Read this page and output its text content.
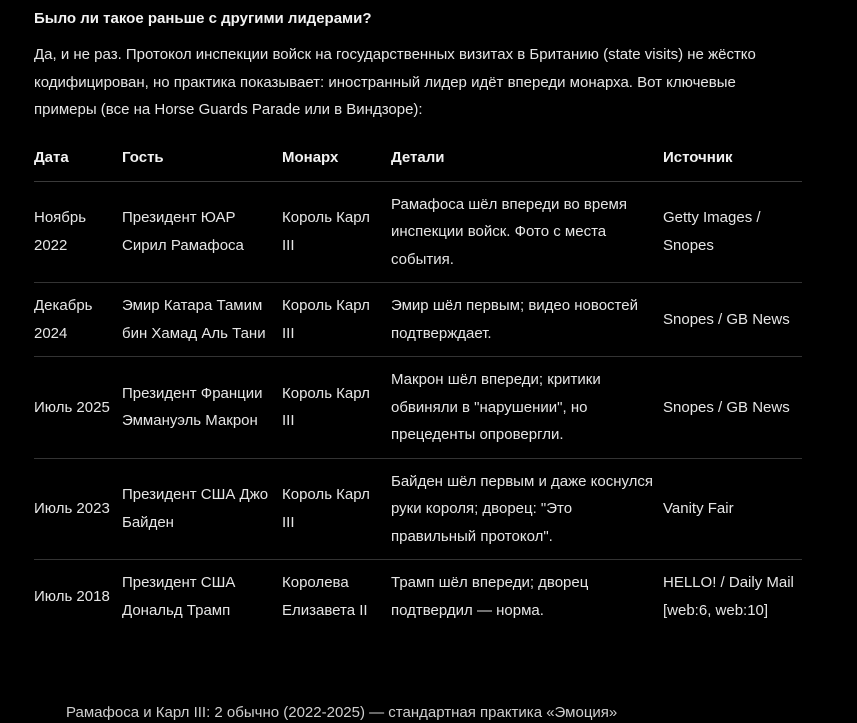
Было ли такое раньше с другими лидерами?

Да, и не раз. Протокол инспекции войск на государственных визитах в Британию (state visits) не жёстко кодифицирован, но практика показывает: иностранный лидер идёт впереди монарха. Вот ключевые примеры (все на Horse Guards Parade или в Виндзоре):

Дата	Гость	Монарх	Детали	Источник
Ноябрь 2022	Президент ЮАР Сирил Рамафоса	Король Карл III	Рамафоса шёл впереди во время инспекции войск. Фото с места события.	Getty Images / Snopes
Декабрь 2024	Эмир Катара Тамим бин Хамад Аль Тани	Король Карл III	Эмир шёл первым; видео новостей подтверждает.	Snopes / GB News
Июль 2025	Президент Франции Эммануэль Макрон	Король Карл III	Макрон шёл впереди; критики обвиняли в "нарушении", но прецеденты опровергли.	Snopes / GB News
Июль 2023	Президент США Джо Байден	Король Карл III	Байден шёл первым и даже коснулся руки короля; дворец: "Это правильный протокол".	Vanity Fair
Июль 2018	Президент США Дональд Трамп	Королева Елизавета II	Трамп шёл впереди; дворец подтвердил — норма.	HELLO! / Daily Mail [web:6, web:10]
Рамафоса и Карл III: 2 обычно (2022-2025) — стандартная практика «Эмоция»
